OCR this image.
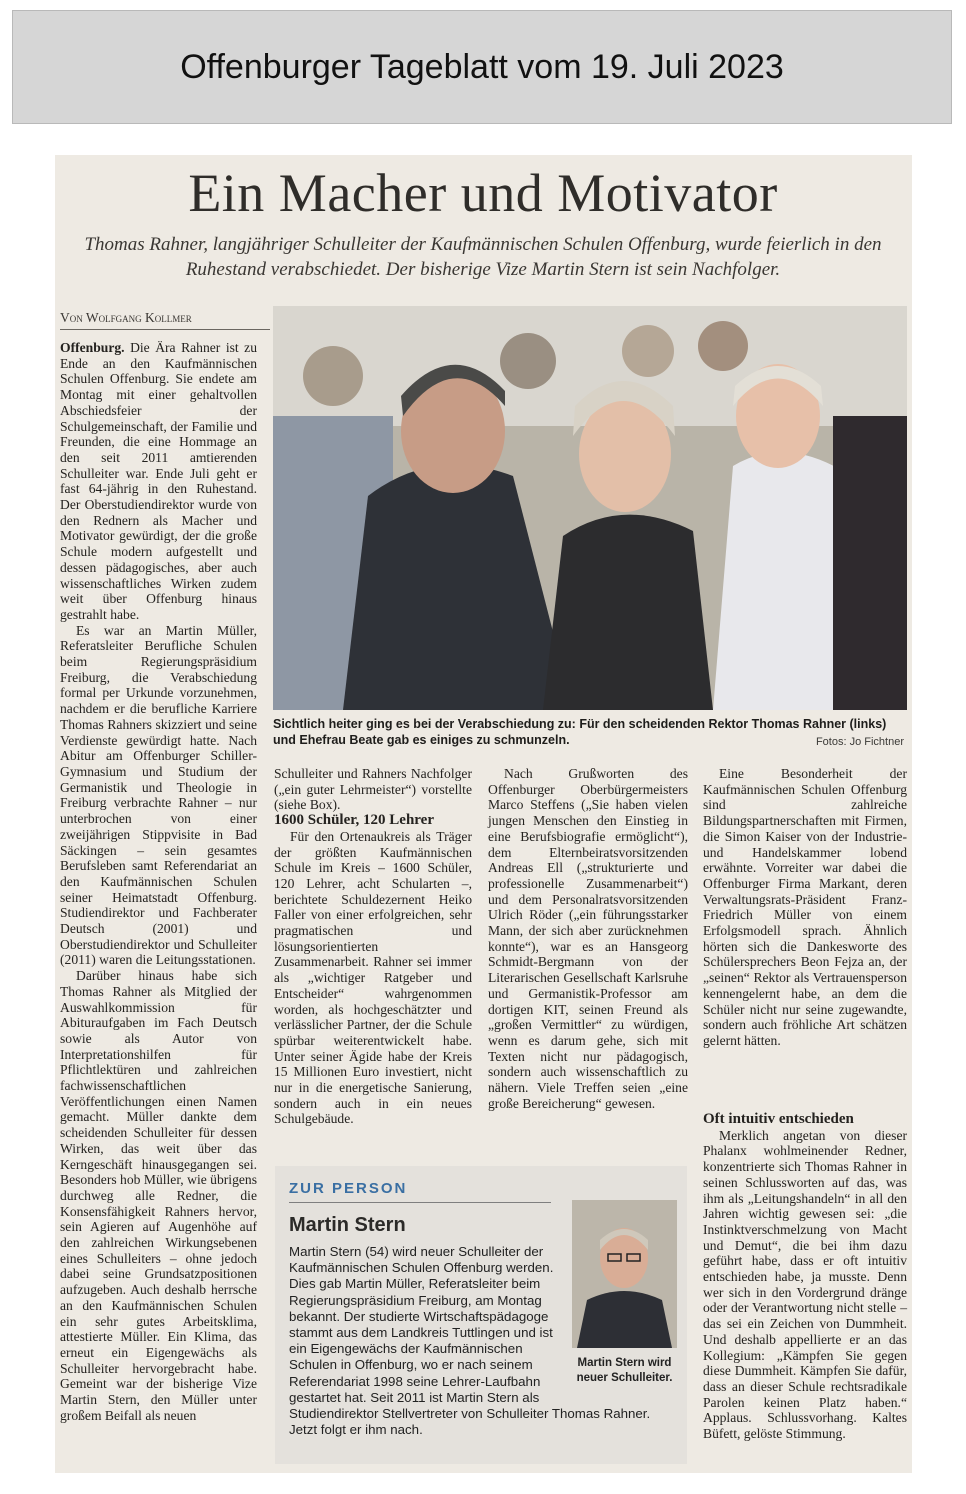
Offenburger Tageblatt vom 19. Juli 2023
Ein Macher und Motivator

Thomas Rahner, langjähriger Schulleiter der Kaufmännischen Schulen Offenburg, wurde feierlich in den Ruhestand verabschiedet. Der bisherige Vize Martin Stern ist sein Nachfolger.

Von Wolfgang Kollmer

Offenburg. Die Ära Rahner ist zu Ende an den Kaufmännischen Schulen Offenburg. Sie endete am Montag mit einer gehaltvollen Abschiedsfeier der Schulgemeinschaft, der Familie und Freunden, die eine Hommage an den seit 2011 amtierenden Schulleiter war. Ende Juli geht er fast 64-jährig in den Ruhestand. Der Oberstudiendirektor wurde von den Rednern als Macher und Motivator gewürdigt, der die große Schule modern aufgestellt und dessen pädagogisches, aber auch wissenschaftliches Wirken zudem weit über Offenburg hinaus gestrahlt habe.

Es war an Martin Müller, Referatsleiter Berufliche Schulen beim Regierungspräsidium Freiburg, die Verabschiedung formal per Urkunde vorzunehmen, nachdem er die berufliche Karriere Thomas Rahners skizziert und seine Verdienste gewürdigt hatte. Nach Abitur am Offenburger Schiller-Gymnasium und Studium der Germanistik und Theologie in Freiburg verbrachte Rahner – nur unterbrochen von einer zweijährigen Stippvisite in Bad Säckingen – sein gesamtes Berufsleben samt Referendariat an den Kaufmännischen Schulen seiner Heimatstadt Offenburg. Studiendirektor und Fachberater Deutsch (2001) und Oberstudiendirektor und Schulleiter (2011) waren die Leitungsstationen.

Darüber hinaus habe sich Thomas Rahner als Mitglied der Auswahlkommission für Abituraufgaben im Fach Deutsch sowie als Autor von Interpretationshilfen für Pflichtlektüren und zahlreichen fachwissenschaftlichen Veröffentlichungen einen Namen gemacht. Müller dankte dem scheidenden Schulleiter für dessen Wirken, das weit über das Kerngeschäft hinausgegangen sei. Besonders hob Müller, wie übrigens durchweg alle Redner, die Konsensfähigkeit Rahners hervor, sein Agieren auf Augenhöhe auf den zahlreichen Wirkungsebenen eines Schulleiters – ohne jedoch dabei seine Grundsatzpositionen aufzugeben. Auch deshalb herrsche an den Kaufmännischen Schulen ein sehr gutes Arbeitsklima, attestierte Müller. Ein Klima, das erneut ein Eigengewächs als Schulleiter hervorgebracht habe. Gemeint war der bisherige Vize Martin Stern, den Müller unter großem Beifall als neuen

Sichtlich heiter ging es bei der Verabschiedung zu: Für den scheidenden Rektor Thomas Rahner (links) und Ehefrau Beate gab es einiges zu schmunzeln.	Fotos: Jo Fichtner

Schulleiter und Rahners Nachfolger („ein guter Lehrmeister“) vorstellte (siehe Box).

1600 Schüler, 120 Lehrer

Für den Ortenaukreis als Träger der größten Kaufmännischen Schule im Kreis – 1600 Schüler, 120 Lehrer, acht Schularten –, berichtete Schuldezernent Heiko Faller von einer erfolgreichen, sehr pragmatischen und lösungsorientierten Zusammenarbeit. Rahner sei immer als „wichtiger Ratgeber und Entscheider“ wahrgenommen worden, als hochgeschätzter und verlässlicher Partner, der die Schule spürbar weiterentwickelt habe. Unter seiner Ägide habe der Kreis 15 Millionen Euro investiert, nicht nur in die energetische Sanierung, sondern auch in ein neues Schulgebäude.

Nach Grußworten des Offenburger Oberbürgermeisters Marco Steffens („Sie haben vielen jungen Menschen den Einstieg in eine Berufsbiografie ermöglicht“), dem Elternbeiratsvorsitzenden Andreas Ell („strukturierte und professionelle Zusammenarbeit“) und dem Personalratsvorsitzenden Ulrich Röder („ein führungsstarker Mann, der sich aber zurücknehmen konnte“), war es an Hansgeorg Schmidt-Bergmann von der Literarischen Gesellschaft Karlsruhe und Germanistik-Professor am dortigen KIT, seinen Freund als „großen Vermittler“ zu würdigen, wenn es darum gehe, sich mit Texten nicht nur pädagogisch, sondern auch wissenschaftlich zu nähern. Viele Treffen seien „eine große Bereicherung“ gewesen.

Eine Besonderheit der Kaufmännischen Schulen Offenburg sind zahlreiche Bildungspartnerschaften mit Firmen, die Simon Kaiser von der Industrie- und Handelskammer lobend erwähnte. Vorreiter war dabei die Offenburger Firma Markant, deren Verwaltungsrats-Präsident Franz-Friedrich Müller von einem Erfolgsmodell sprach. Ähnlich hörten sich die Dankesworte des Schülersprechers Beon Fejza an, der „seinen“ Rektor als Vertrauensperson kennengelernt habe, an dem die Schüler nicht nur seine zugewandte, sondern auch fröhliche Art schätzen gelernt hätten.

Oft intuitiv entschieden

Merklich angetan von dieser Phalanx wohlmeinender Redner, konzentrierte sich Thomas Rahner in seinen Schlussworten auf das, was ihm als „Leitungshandeln“ in all den Jahren wichtig gewesen sei: „die Instinktverschmelzung von Macht und Demut“, die bei ihm dazu geführt habe, dass er oft intuitiv entschieden habe, ja musste. Denn wer sich in den Vordergrund dränge oder der Verantwortung nicht stelle – das sei ein Zeichen von Dummheit. Und deshalb appellierte er an das Kollegium: „Kämpfen Sie gegen diese Dummheit. Kämpfen Sie dafür, dass an dieser Schule rechtsradikale Parolen keinen Platz haben.“ Applaus. Schlussvorhang. Kaltes Büfett, gelöste Stimmung.

ZUR PERSON
Martin Stern
Martin Stern wird neuer Schulleiter.
Martin Stern (54) wird neuer Schulleiter der Kaufmännischen Schulen Offenburg werden. Dies gab Martin Müller, Referatsleiter beim Regierungspräsidium Freiburg, am Montag bekannt. Der studierte Wirtschaftspädagoge stammt aus dem Landkreis Tuttlingen und ist ein Eigengewächs der Kaufmännischen Schulen in Offenburg, wo er nach seinem Referendariat 1998 seine Lehrer-Laufbahn gestartet hat. Seit 2011 ist Martin Stern als Studiendirektor Stellvertreter von Schulleiter Thomas Rahner. Jetzt folgt er ihm nach.
